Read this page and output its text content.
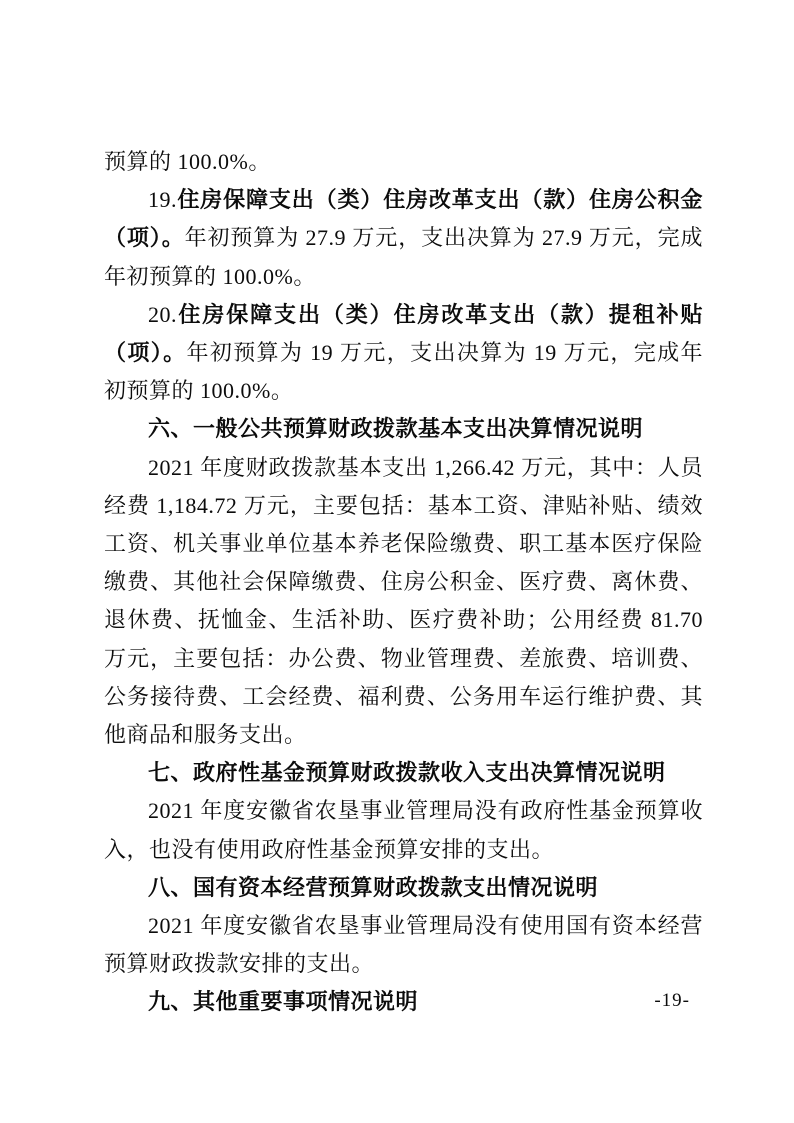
预算的 100.0%。

19.住房保障支出（类）住房改革支出（款）住房公积金（项）。年初预算为 27.9 万元，支出决算为 27.9 万元，完成年初预算的 100.0%。

20.住房保障支出（类）住房改革支出（款）提租补贴（项）。年初预算为 19 万元，支出决算为 19 万元，完成年初预算的 100.0%。

六、一般公共预算财政拨款基本支出决算情况说明

2021 年度财政拨款基本支出 1,266.42 万元，其中：人员经费 1,184.72 万元，主要包括：基本工资、津贴补贴、绩效工资、机关事业单位基本养老保险缴费、职工基本医疗保险缴费、其他社会保障缴费、住房公积金、医疗费、离休费、退休费、抚恤金、生活补助、医疗费补助；公用经费 81.70 万元，主要包括：办公费、物业管理费、差旅费、培训费、公务接待费、工会经费、福利费、公务用车运行维护费、其他商品和服务支出。

七、政府性基金预算财政拨款收入支出决算情况说明

2021 年度安徽省农垦事业管理局没有政府性基金预算收入，也没有使用政府性基金预算安排的支出。

八、国有资本经营预算财政拨款支出情况说明

2021 年度安徽省农垦事业管理局没有使用国有资本经营预算财政拨款安排的支出。

九、其他重要事项情况说明	-19-
